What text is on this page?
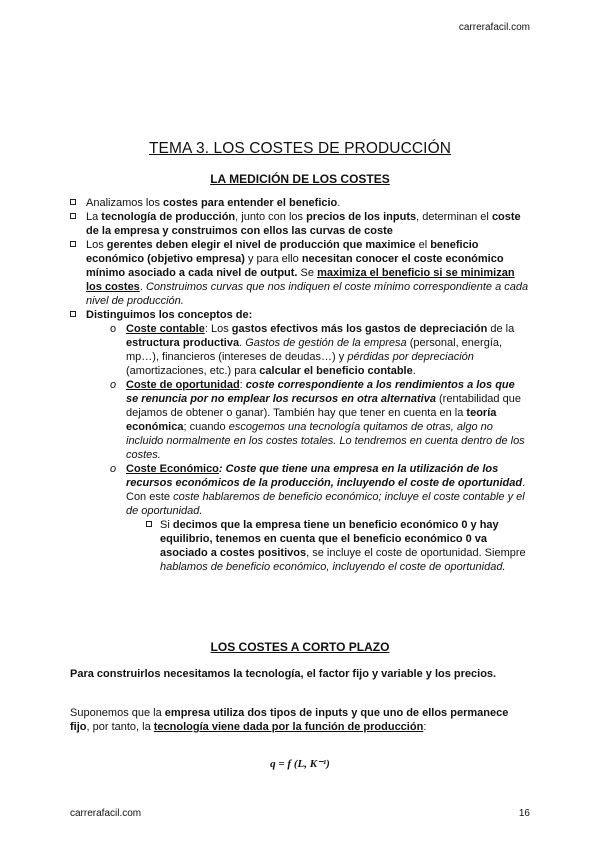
carrerafacil.com
TEMA 3. LOS COSTES DE PRODUCCIÓN
LA MEDICIÓN DE LOS COSTES
Analizamos los costes para entender el beneficio.
La tecnología de producción, junto con los precios de los inputs, determinan el coste de la empresa y construimos con ellos las curvas de coste
Los gerentes deben elegir el nivel de producción que maximice el beneficio económico (objetivo empresa) y para ello necesitan conocer el coste económico mínimo asociado a cada nivel de output. Se maximiza el beneficio si se minimizan los costes. Construimos curvas que nos indiquen el coste mínimo correspondiente a cada nivel de producción.
Distinguimos los conceptos de:
o Coste contable: Los gastos efectivos más los gastos de depreciación de la estructura productiva. Gastos de gestión de la empresa (personal, energía, mp…), financieros (intereses de deudas…) y pérdidas por depreciación (amortizaciones, etc.) para calcular el beneficio contable.
o Coste de oportunidad: coste correspondiente a los rendimientos a los que se renuncia por no emplear los recursos en otra alternativa (rentabilidad que dejamos de obtener o ganar). También hay que tener en cuenta en la teoría económica; cuando escogemos una tecnología quitamos de otras, algo no incluido normalmente en los costes totales. Lo tendremos en cuenta dentro de los costes.
o Coste Económico: Coste que tiene una empresa en la utilización de los recursos económicos de la producción, incluyendo el coste de oportunidad. Con este coste hablaremos de beneficio económico; incluye el coste contable y el de oportunidad.
Si decimos que la empresa tiene un beneficio económico 0 y hay equilibrio, tenemos en cuenta que el beneficio económico 0 va asociado a costes positivos, se incluye el coste de oportunidad. Siempre hablamos de beneficio económico, incluyendo el coste de oportunidad.
LOS COSTES A CORTO PLAZO
Para construirlos necesitamos la tecnología, el factor fijo y variable y los precios.
Suponemos que la empresa utiliza dos tipos de inputs y que uno de ellos permanece fijo, por tanto, la tecnología viene dada por la función de producción:
q = f (L, K⁻¹)
carrerafacil.com	16
